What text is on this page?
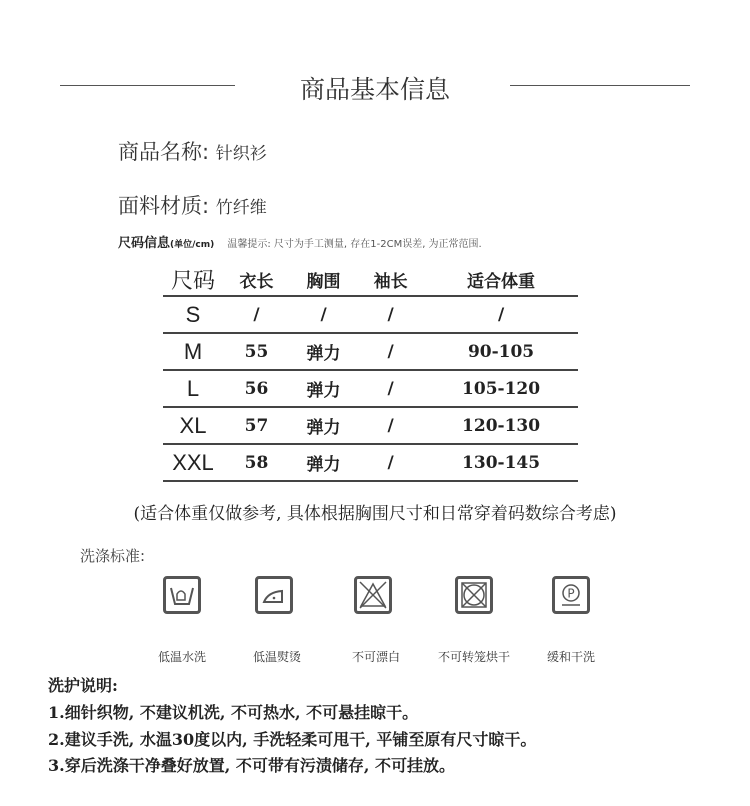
商品基本信息
商品名称: 针织衫
面料材质: 竹纤维
尺码信息(单位/cm) 温馨提示: 尺寸为手工测量, 存在1-2CM误差, 为正常范围.
尺码	衣长	胸围	袖长	适合体重
S	/	/	/	/
M	55	弹力	/	90-105
L	56	弹力	/	105-120
XL	57	弹力	/	120-130
XXL	58	弹力	/	130-145
(适合体重仅做参考, 具体根据胸围尺寸和日常穿着码数综合考虑)
洗涤标准:
P
低温水洗	低温熨烫	不可漂白	不可转笼烘干	缓和干洗
洗护说明:
1.细针织物, 不建议机洗, 不可热水, 不可悬挂晾干。
2.建议手洗, 水温30度以内, 手洗轻柔可甩干, 平铺至原有尺寸晾干。
3.穿后洗涤干净叠好放置, 不可带有污渍储存, 不可挂放。
